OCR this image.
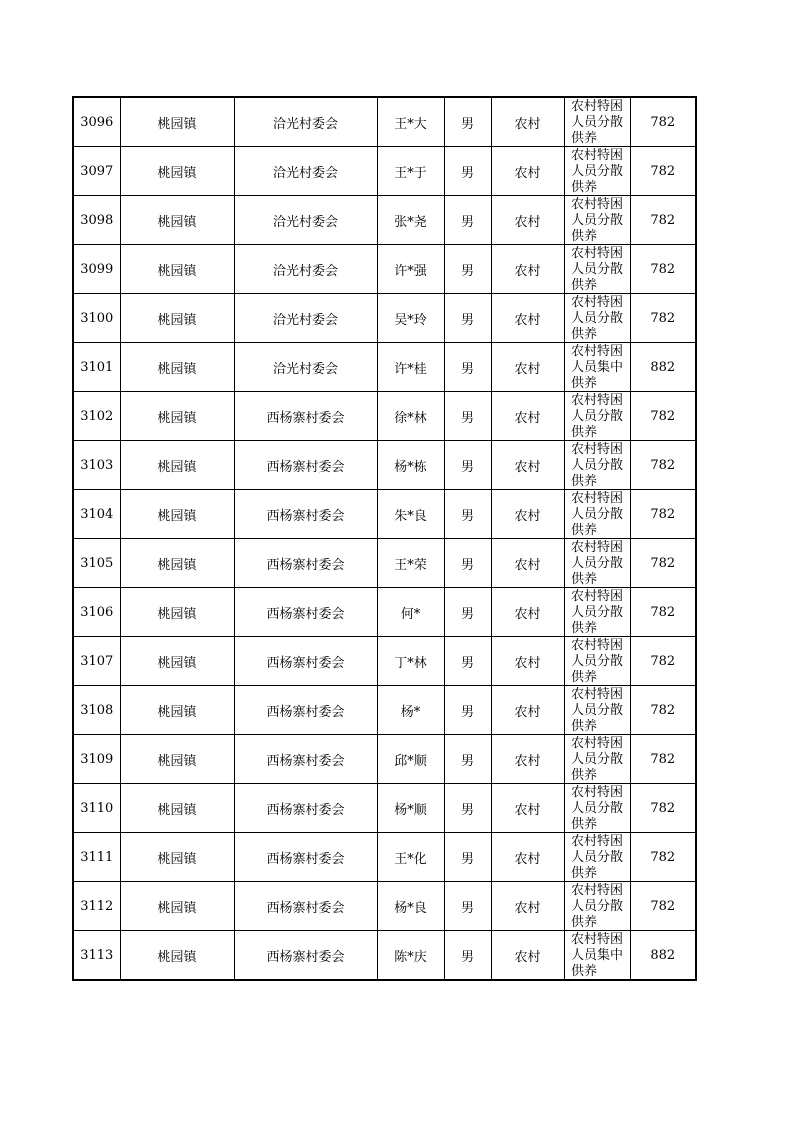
3096	桃园镇	洽光村委会	王*大	男	农村	农村特困人员分散供养	782
3097	桃园镇	洽光村委会	王*于	男	农村	农村特困人员分散供养	782
3098	桃园镇	洽光村委会	张*尧	男	农村	农村特困人员分散供养	782
3099	桃园镇	洽光村委会	许*强	男	农村	农村特困人员分散供养	782
3100	桃园镇	洽光村委会	吴*玲	男	农村	农村特困人员分散供养	782
3101	桃园镇	洽光村委会	许*桂	男	农村	农村特困人员集中供养	882
3102	桃园镇	西杨寨村委会	徐*林	男	农村	农村特困人员分散供养	782
3103	桃园镇	西杨寨村委会	杨*栋	男	农村	农村特困人员分散供养	782
3104	桃园镇	西杨寨村委会	朱*良	男	农村	农村特困人员分散供养	782
3105	桃园镇	西杨寨村委会	王*荣	男	农村	农村特困人员分散供养	782
3106	桃园镇	西杨寨村委会	何*	男	农村	农村特困人员分散供养	782
3107	桃园镇	西杨寨村委会	丁*林	男	农村	农村特困人员分散供养	782
3108	桃园镇	西杨寨村委会	杨*	男	农村	农村特困人员分散供养	782
3109	桃园镇	西杨寨村委会	邱*顺	男	农村	农村特困人员分散供养	782
3110	桃园镇	西杨寨村委会	杨*顺	男	农村	农村特困人员分散供养	782
3111	桃园镇	西杨寨村委会	王*化	男	农村	农村特困人员分散供养	782
3112	桃园镇	西杨寨村委会	杨*良	男	农村	农村特困人员分散供养	782
3113	桃园镇	西杨寨村委会	陈*庆	男	农村	农村特困人员集中供养	882
